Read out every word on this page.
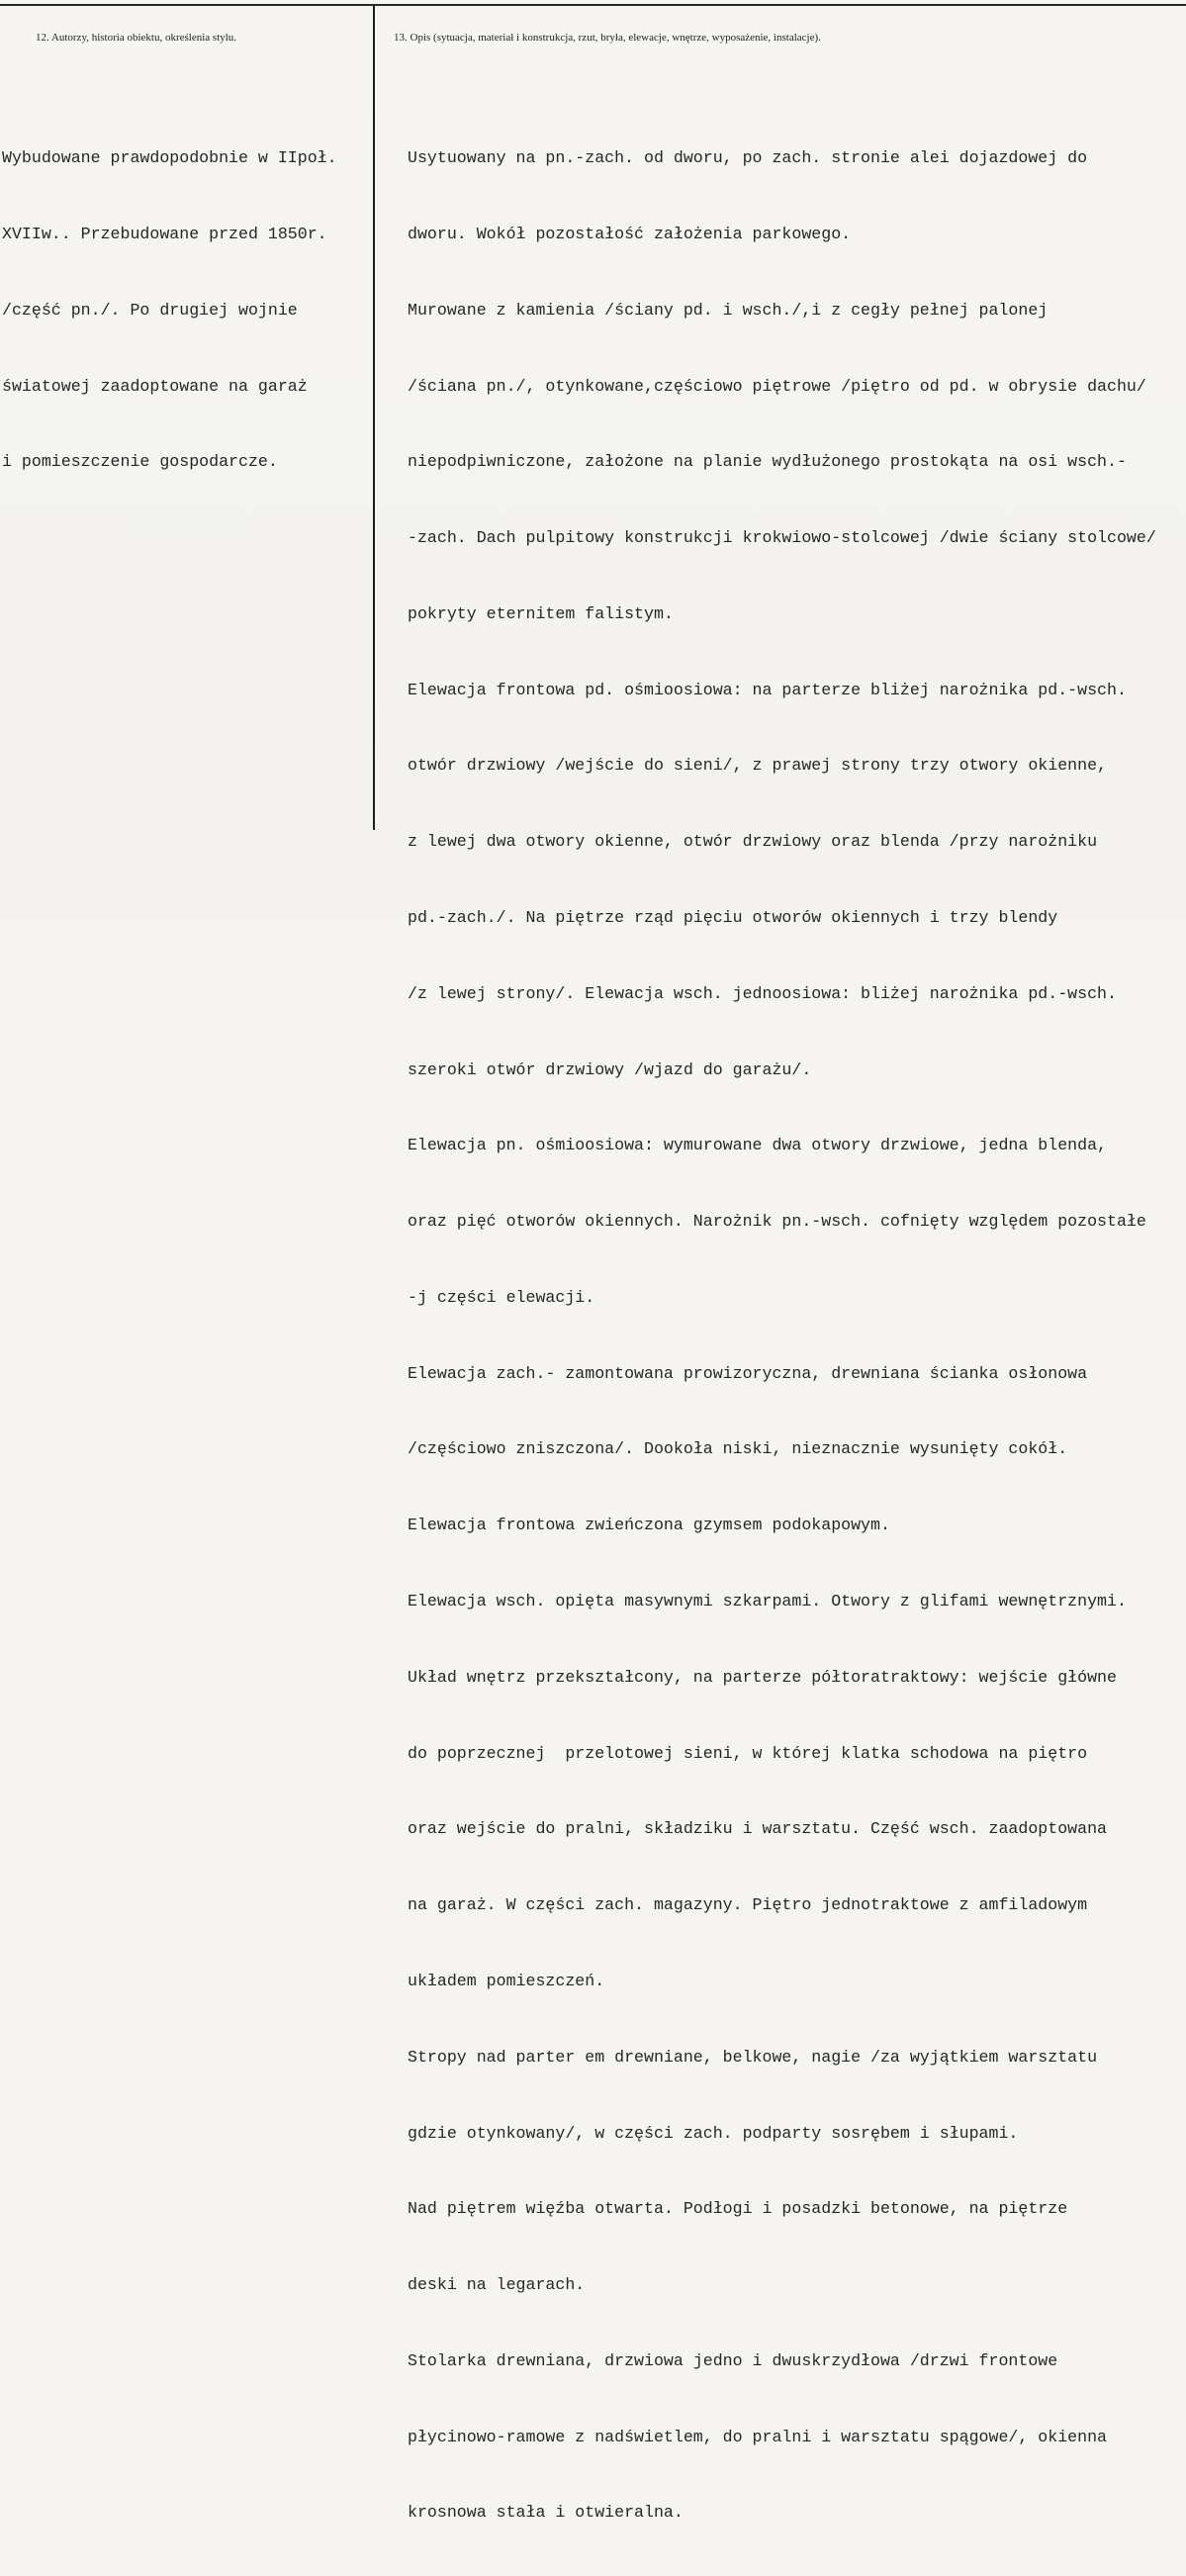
12. Autorzy, historia obiektu, określenia stylu.	13. Opis (sytuacja, materiał i konstrukcja, rzut, bryła, elewacje, wnętrze, wyposażenie, instalacje).

Wybudowane prawdopodobnie w IIpoł.

XVIIw.. Przebudowane przed 1850r.

/część pn./. Po drugiej wojnie

światowej zaadoptowane na garaż

i pomieszczenie gospodarcze.

Usytuowany na pn.-zach. od dworu, po zach. stronie alei dojazdowej do

dworu. Wokół pozostałość założenia parkowego.

Murowane z kamienia /ściany pd. i wsch./,i z cegły pełnej palonej

/ściana pn./, otynkowane,częściowo piętrowe /piętro od pd. w obrysie dachu/

niepodpiwniczone, założone na planie wydłużonego prostokąta na osi wsch.-

-zach. Dach pulpitowy konstrukcji krokwiowo-stolcowej /dwie ściany stolcowe/

pokryty eternitem falistym.

Elewacja frontowa pd. ośmioosiowa: na parterze bliżej narożnika pd.-wsch.

otwór drzwiowy /wejście do sieni/, z prawej strony trzy otwory okienne,

z lewej dwa otwory okienne, otwór drzwiowy oraz blenda /przy narożniku

pd.-zach./. Na piętrze rząd pięciu otworów okiennych i trzy blendy

/z lewej strony/. Elewacja wsch. jednoosiowa: bliżej narożnika pd.-wsch.

szeroki otwór drzwiowy /wjazd do garażu/.

Elewacja pn. ośmioosiowa: wymurowane dwa otwory drzwiowe, jedna blenda,

oraz pięć otworów okiennych. Narożnik pn.-wsch. cofnięty względem pozostałe

-j części elewacji.

Elewacja zach.- zamontowana prowizoryczna, drewniana ścianka osłonowa

/częściowo zniszczona/. Dookoła niski, nieznacznie wysunięty cokół.

Elewacja frontowa zwieńczona gzymsem podokapowym.

Elewacja wsch. opięta masywnymi szkarpami. Otwory z glifami wewnętrznymi.

Układ wnętrz przekształcony, na parterze półtoratraktowy: wejście główne

do poprzecznej  przelotowej sieni, w której klatka schodowa na piętro

oraz wejście do pralni, składziku i warsztatu. Część wsch. zaadoptowana

na garaż. W części zach. magazyny. Piętro jednotraktowe z amfiladowym

układem pomieszczeń.

Stropy nad parter em drewniane, belkowe, nagie /za wyjątkiem warsztatu

gdzie otynkowany/, w części zach. podparty sosrębem i słupami.

Nad piętrem więźba otwarta. Podłogi i posadzki betonowe, na piętrze

deski na legarach.

Stolarka drewniana, drzwiowa jedno i dwuskrzydłowa /drzwi frontowe

płycinowo-ramowe z nadświetlem, do pralni i warsztatu spągowe/, okienna

krosnowa stała i otwieralna.
